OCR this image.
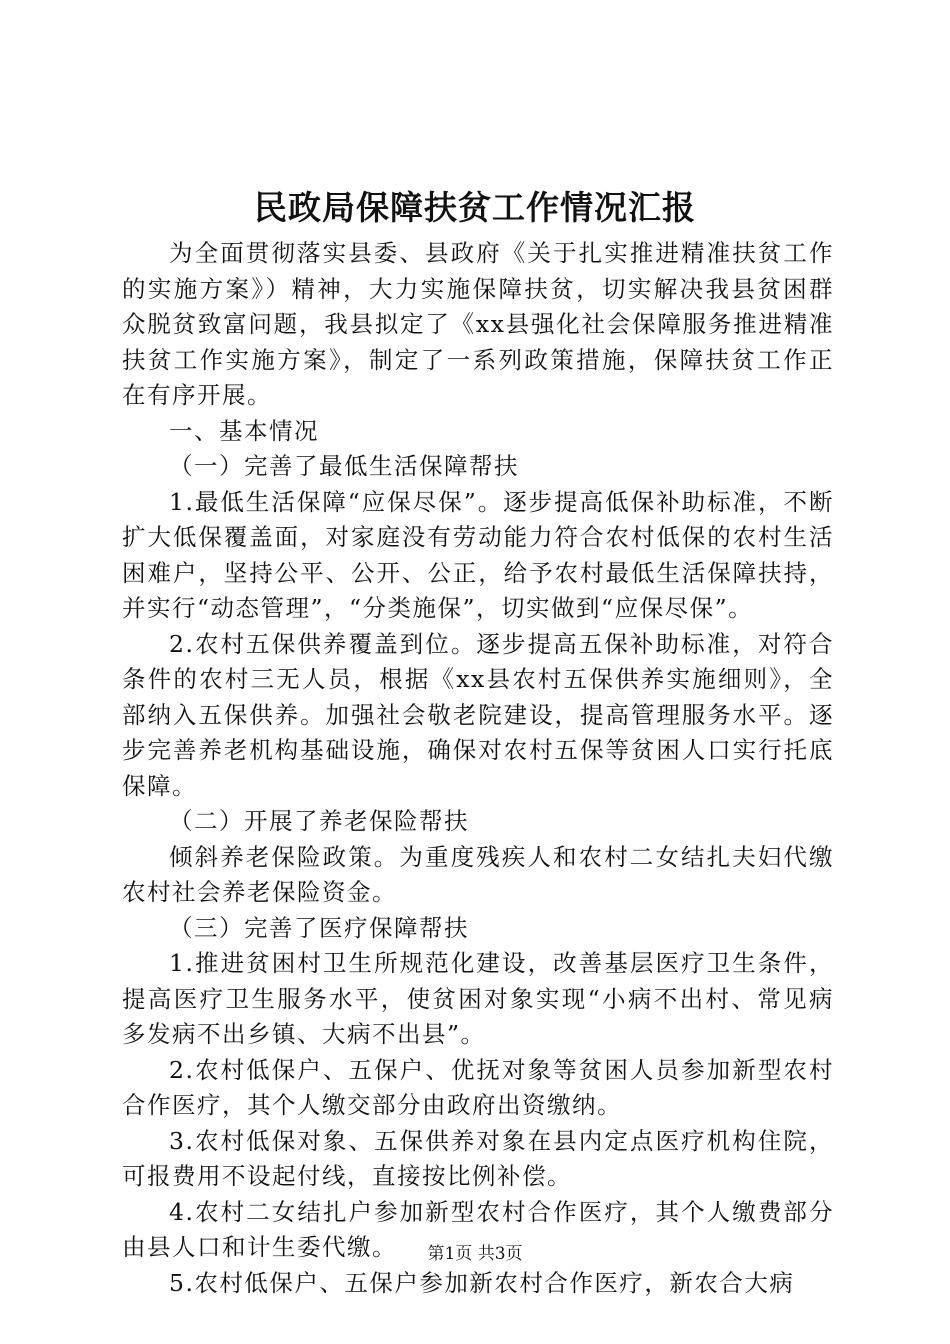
民政局保障扶贫工作情况汇报

为全面贯彻落实县委、县政府《关于扎实推进精准扶贫工作的实施方案》）精神，大力实施保障扶贫，切实解决我县贫困群众脱贫致富问题，我县拟定了《xx县强化社会保障服务推进精准扶贫工作实施方案》，制定了一系列政策措施，保障扶贫工作正在有序开展。

一、基本情况

（一）完善了最低生活保障帮扶

1.最低生活保障“应保尽保”。逐步提高低保补助标准，不断扩大低保覆盖面，对家庭没有劳动能力符合农村低保的农村生活困难户，坚持公平、公开、公正，给予农村最低生活保障扶持，并实行“动态管理”，“分类施保”，切实做到“应保尽保”。

2.农村五保供养覆盖到位。逐步提高五保补助标准，对符合条件的农村三无人员，根据《xx县农村五保供养实施细则》，全部纳入五保供养。加强社会敬老院建设，提高管理服务水平。逐步完善养老机构基础设施，确保对农村五保等贫困人口实行托底保障。

（二）开展了养老保险帮扶

倾斜养老保险政策。为重度残疾人和农村二女结扎夫妇代缴农村社会养老保险资金。

（三）完善了医疗保障帮扶

1.推进贫困村卫生所规范化建设，改善基层医疗卫生条件，提高医疗卫生服务水平，使贫困对象实现“小病不出村、常见病多发病不出乡镇、大病不出县”。

2.农村低保户、五保户、优抚对象等贫困人员参加新型农村合作医疗，其个人缴交部分由政府出资缴纳。

3.农村低保对象、五保供养对象在县内定点医疗机构住院，可报费用不设起付线，直接按比例补偿。

4.农村二女结扎户参加新型农村合作医疗，其个人缴费部分由县人口和计生委代缴。

5.农村低保户、五保户参加新农村合作医疗，新农合大病

第1页 共3页
